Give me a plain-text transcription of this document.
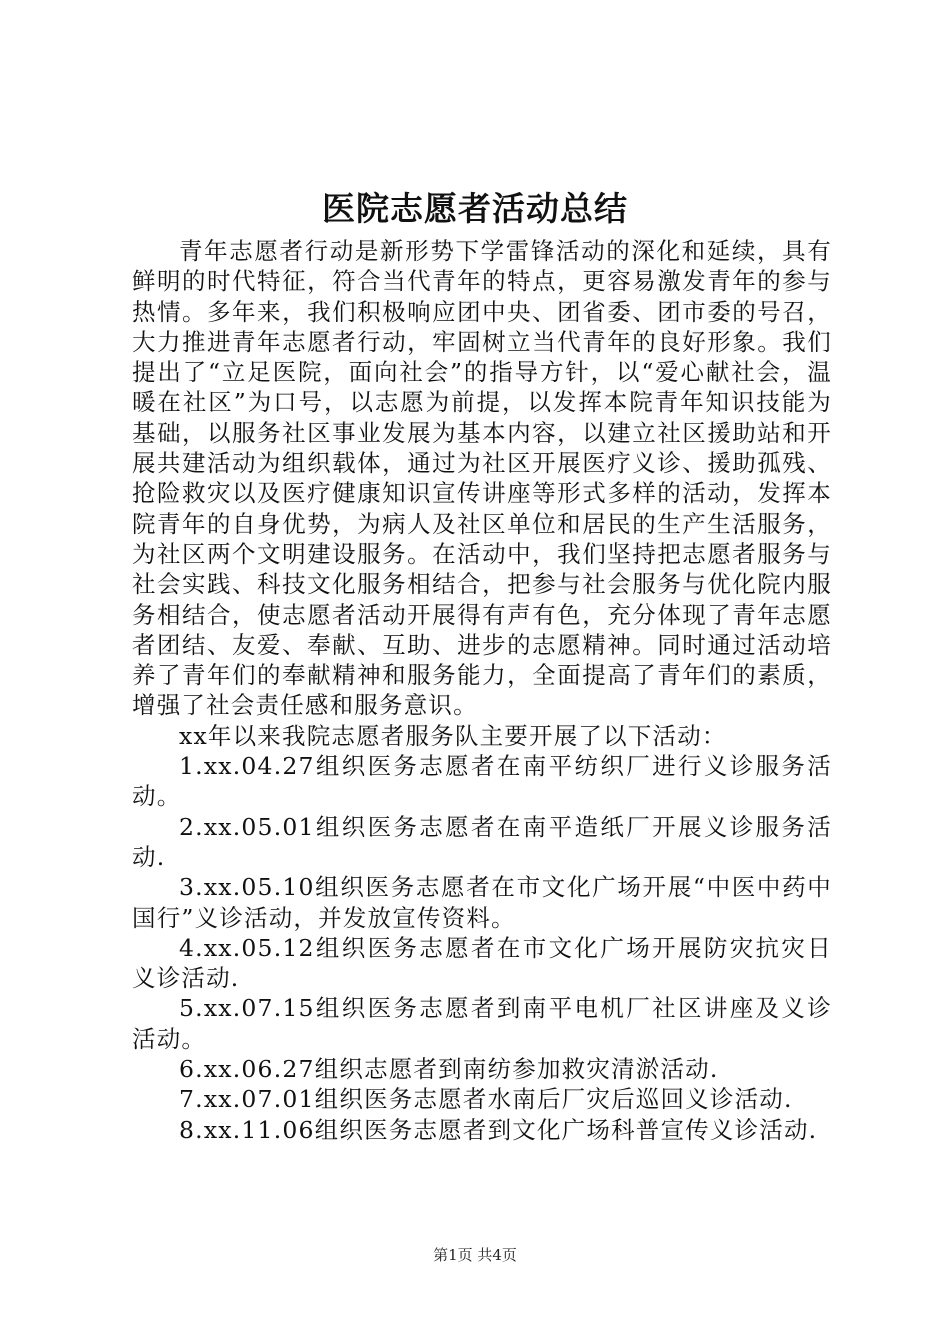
医院志愿者活动总结

青年志愿者行动是新形势下学雷锋活动的深化和延续，具有鲜明的时代特征，符合当代青年的特点，更容易激发青年的参与热情。多年来，我们积极响应团中央、团省委、团市委的号召，大力推进青年志愿者行动，牢固树立当代青年的良好形象。我们提出了“立足医院，面向社会”的指导方针，以“爱心献社会，温暖在社区”为口号，以志愿为前提，以发挥本院青年知识技能为基础，以服务社区事业发展为基本内容，以建立社区援助站和开展共建活动为组织载体，通过为社区开展医疗义诊、援助孤残、抢险救灾以及医疗健康知识宣传讲座等形式多样的活动，发挥本院青年的自身优势，为病人及社区单位和居民的生产生活服务，为社区两个文明建设服务。在活动中，我们坚持把志愿者服务与社会实践、科技文化服务相结合，把参与社会服务与优化院内服务相结合，使志愿者活动开展得有声有色，充分体现了青年志愿者团结、友爱、奉献、互助、进步的志愿精神。同时通过活动培养了青年们的奉献精神和服务能力，全面提高了青年们的素质，增强了社会责任感和服务意识。

xx年以来我院志愿者服务队主要开展了以下活动：

1.xx.04.27组织医务志愿者在南平纺织厂进行义诊服务活动。

2.xx.05.01组织医务志愿者在南平造纸厂开展义诊服务活动.

3.xx.05.10组织医务志愿者在市文化广场开展“中医中药中国行”义诊活动，并发放宣传资料。

4.xx.05.12组织医务志愿者在市文化广场开展防灾抗灾日义诊活动.

5.xx.07.15组织医务志愿者到南平电机厂社区讲座及义诊活动。

6.xx.06.27组织志愿者到南纺参加救灾清淤活动.

7.xx.07.01组织医务志愿者水南后厂灾后巡回义诊活动.

8.xx.11.06组织医务志愿者到文化广场科普宣传义诊活动.

第1页 共4页
